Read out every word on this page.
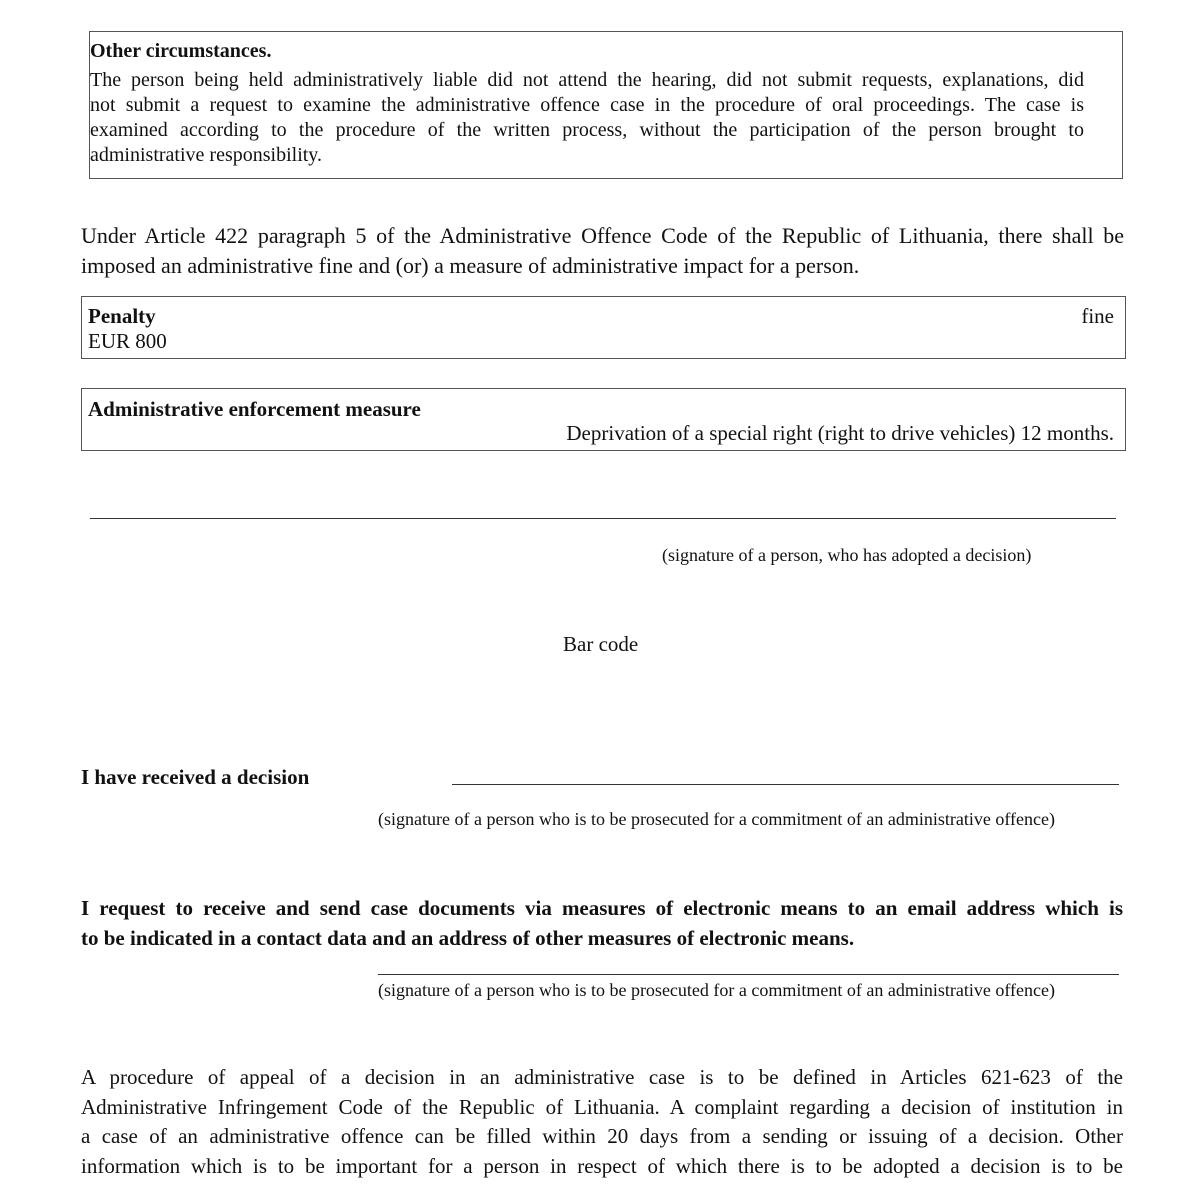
Other circumstances.
The person being held administratively liable did not attend the hearing, did not submit requests, explanations, did
not submit a request to examine the administrative offence case in the procedure of oral proceedings. The case is
examined according to the procedure of the written process, without the participation of the person brought to
administrative responsibility.
Under Article 422 paragraph 5 of the Administrative Offence Code of the Republic of Lithuania, there shall be
imposed an administrative fine and (or) a measure of administrative impact for a person.
Penalty	fine
EUR 800
Administrative enforcement measure
Deprivation of a special right (right to drive vehicles) 12 months.
(signature of a person, who has adopted a decision)
Bar code
I have received a decision
(signature of a person who is to be prosecuted for a commitment of an administrative offence)
I request to receive and send case documents via measures of electronic means to an email address which is
to be indicated in a contact data and an address of other measures of electronic means.
(signature of a person who is to be prosecuted for a commitment of an administrative offence)
A procedure of appeal of a decision in an administrative case is to be defined in Articles 621-623 of the
Administrative Infringement Code of the Republic of Lithuania. A complaint regarding a decision of institution in
a case of an administrative offence can be filled within 20 days from a sending or issuing of a decision. Other
information which is to be important for a person in respect of which there is to be adopted a decision is to be
